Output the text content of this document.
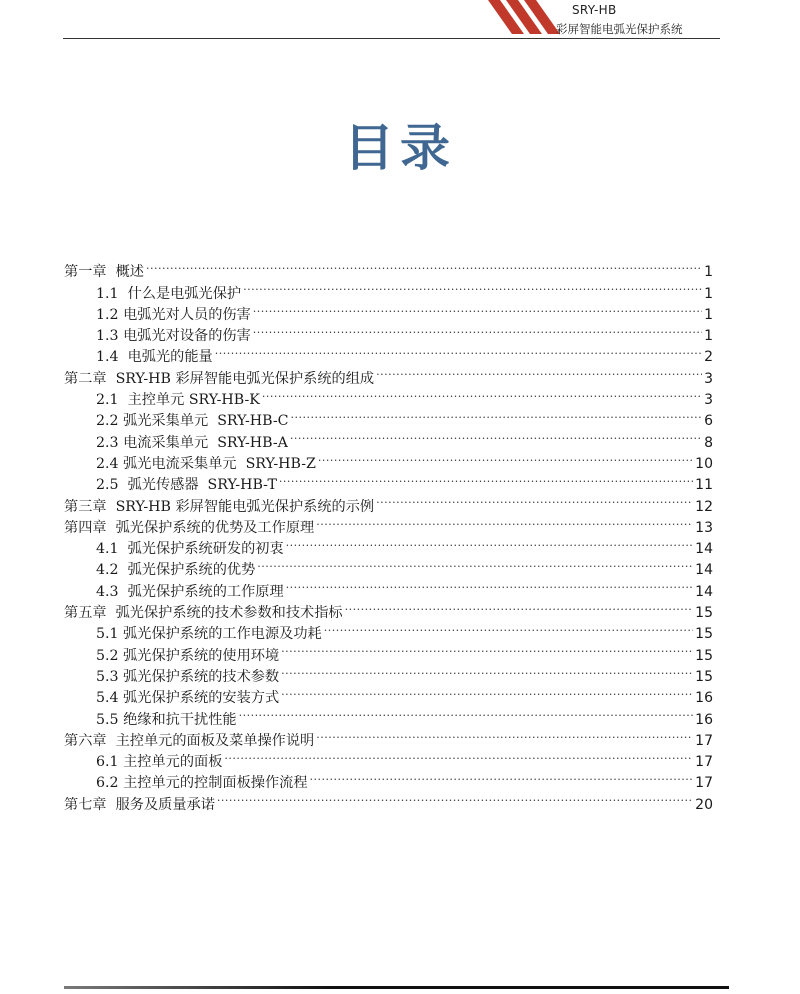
SRY-HB
彩屏智能电弧光保护系统
目录
第一章  概述 .....	1
1.1  什么是电弧光保护 .....	1
1.2 电弧光对人员的伤害 .....	1
1.3 电弧光对设备的伤害 .....	1
1.4  电弧光的能量 .....	2
第二章  SRY-HB 彩屏智能电弧光保护系统的组成 .....	3
2.1  主控单元 SRY-HB-K .....	3
2.2 弧光采集单元  SRY-HB-C .....	6
2.3 电流采集单元  SRY-HB-A .....	8
2.4 弧光电流采集单元  SRY-HB-Z .....	10
2.5  弧光传感器  SRY-HB-T .....	11
第三章  SRY-HB 彩屏智能电弧光保护系统的示例 .....	12
第四章  弧光保护系统的优势及工作原理 .....	13
4.1  弧光保护系统研发的初衷 .....	14
4.2  弧光保护系统的优势 .....	14
4.3  弧光保护系统的工作原理 .....	14
第五章  弧光保护系统的技术参数和技术指标 .....	15
5.1 弧光保护系统的工作电源及功耗 .....	15
5.2 弧光保护系统的使用环境 .....	15
5.3 弧光保护系统的技术参数 .....	15
5.4 弧光保护系统的安装方式 .....	16
5.5 绝缘和抗干扰性能 .....	16
第六章  主控单元的面板及菜单操作说明 .....	17
6.1 主控单元的面板 .....	17
6.2 主控单元的控制面板操作流程 .....	17
第七章  服务及质量承诺 .....	20
